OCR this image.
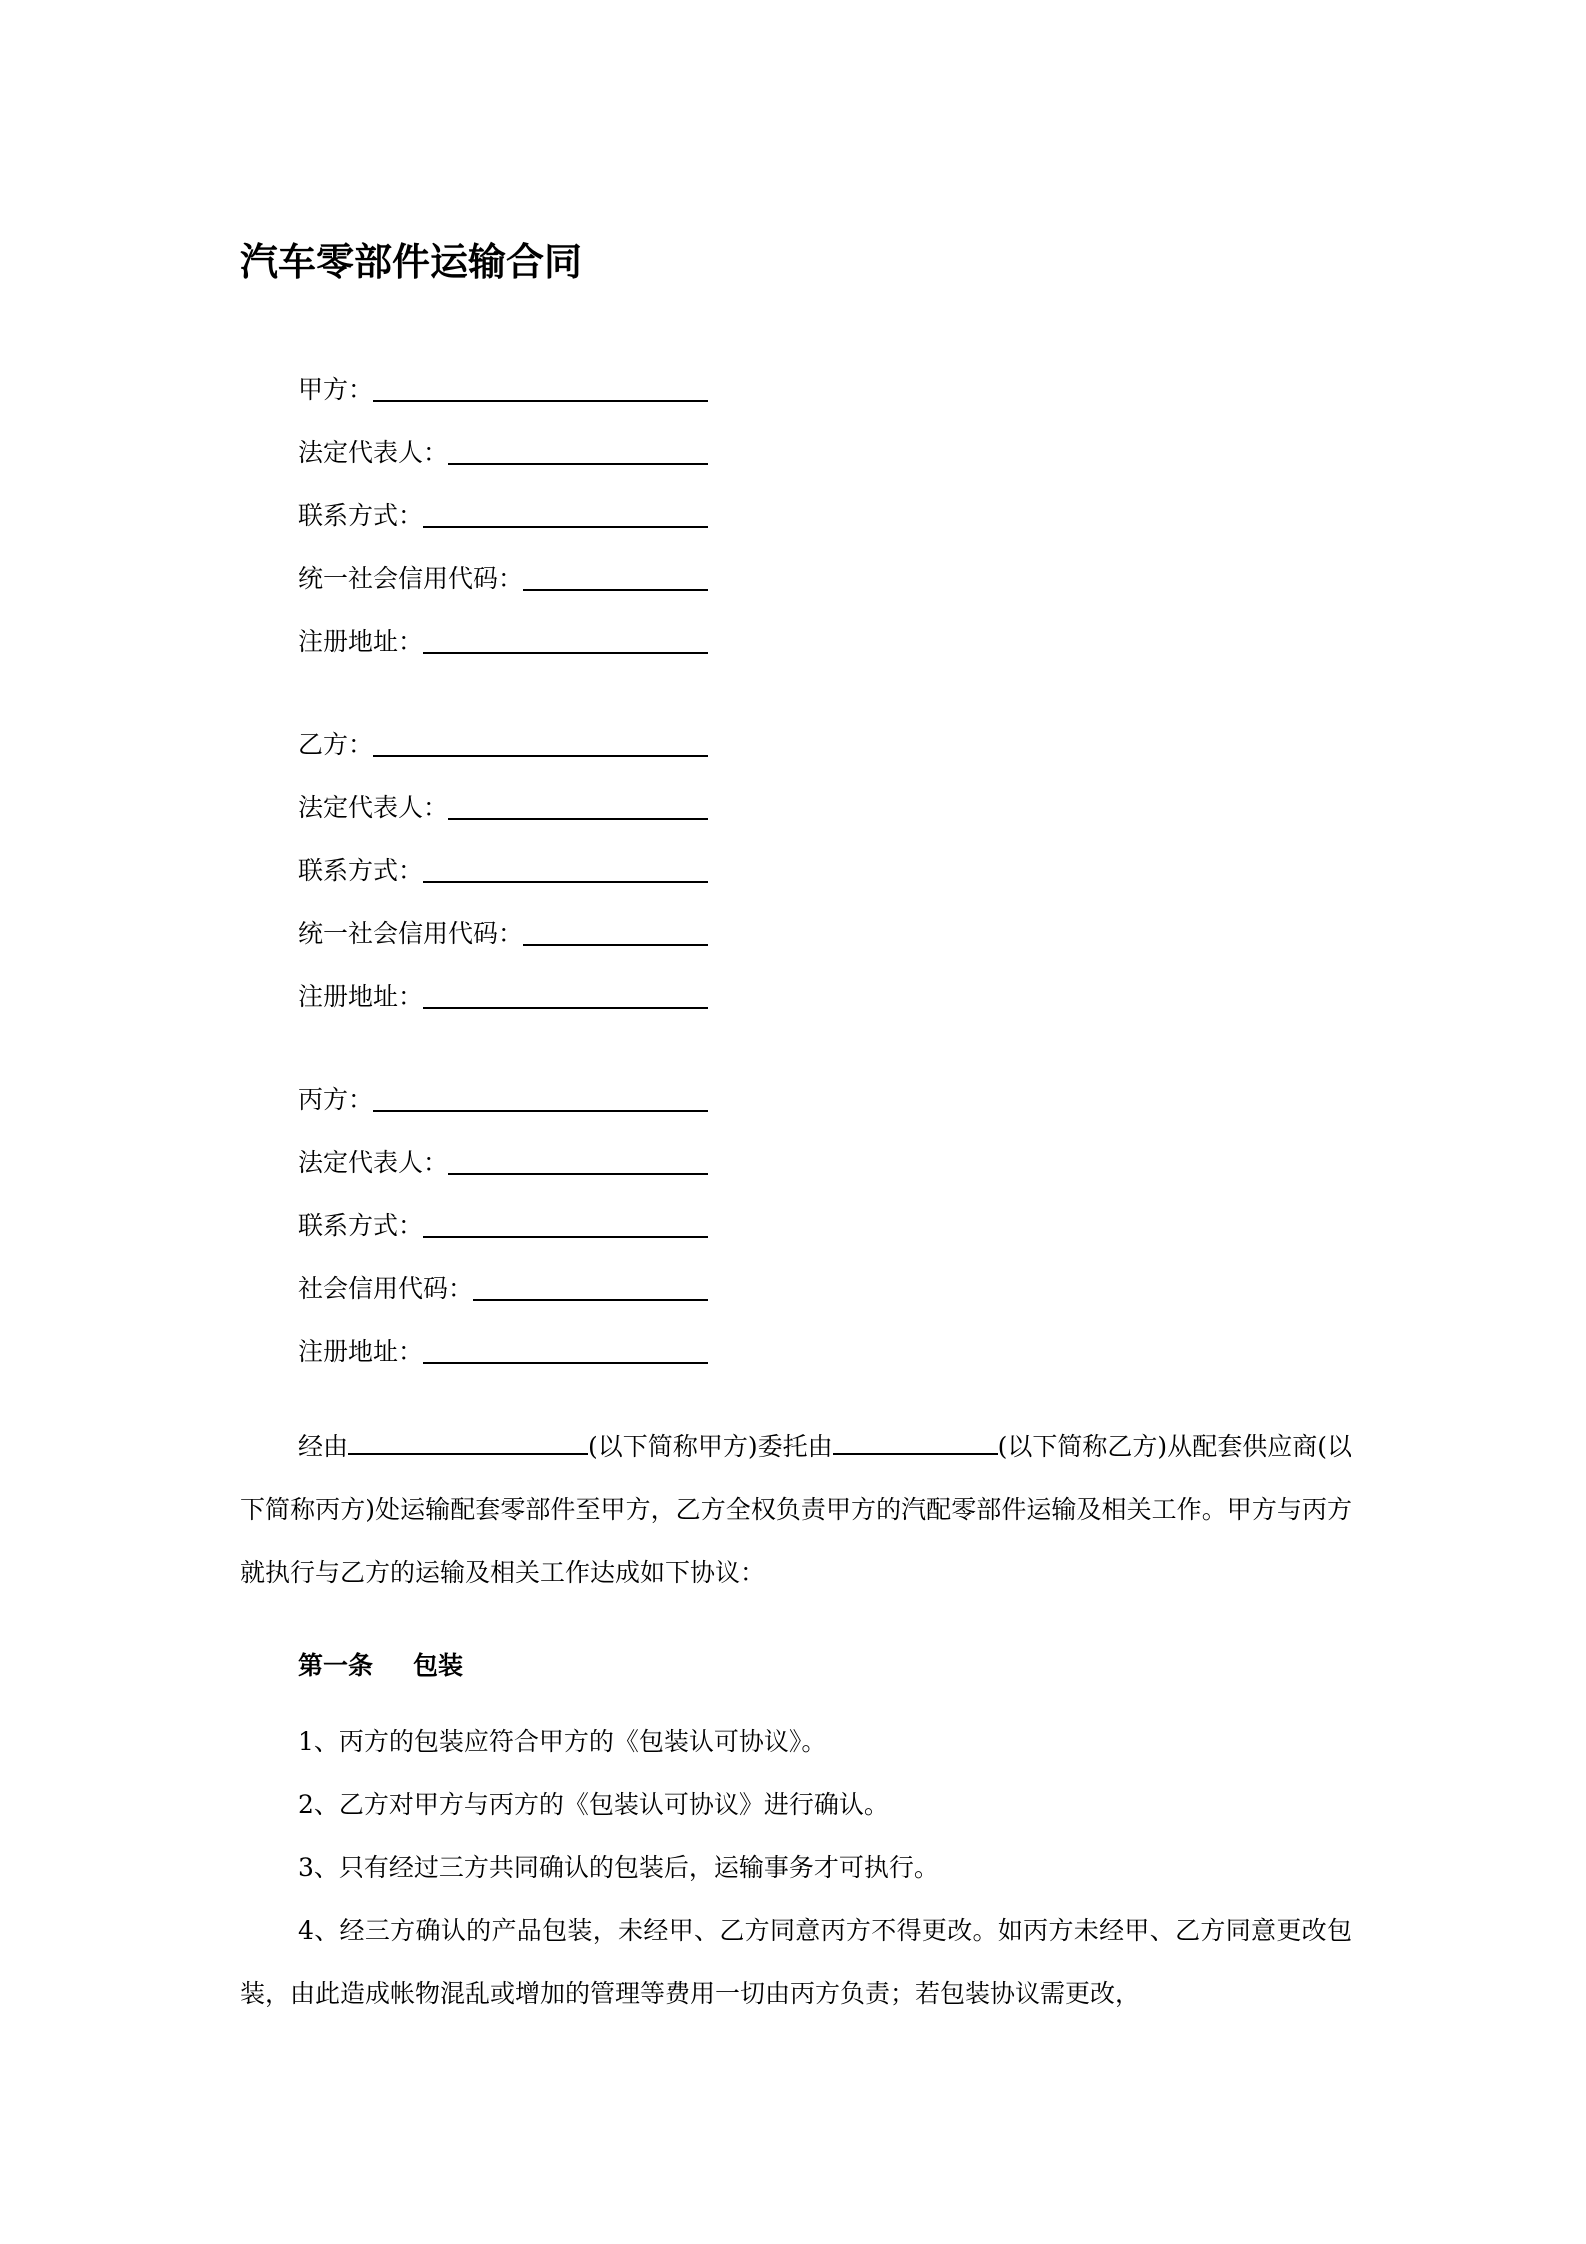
汽车零部件运输合同
甲方：
法定代表人：
联系方式：
统一社会信用代码：
注册地址：
乙方：
法定代表人：
联系方式：
统一社会信用代码：
注册地址：
丙方：
法定代表人：
联系方式：
社会信用代码：
注册地址：
经由	(以下简称甲方)委托由	(以下简称乙方)从配套供应商(以下简称丙方)处运输配套零部件至甲方，乙方全权负责甲方的汽配零部件运输及相关工作。甲方与丙方就执行与乙方的运输及相关工作达成如下协议：
第一条 包装
1、丙方的包装应符合甲方的《包装认可协议》。
2、乙方对甲方与丙方的《包装认可协议》进行确认。
3、只有经过三方共同确认的包装后，运输事务才可执行。
4、经三方确认的产品包装，未经甲、乙方同意丙方不得更改。如丙方未经甲、乙方同意更改包装，由此造成帐物混乱或增加的管理等费用一切由丙方负责；若包装协议需更改，
